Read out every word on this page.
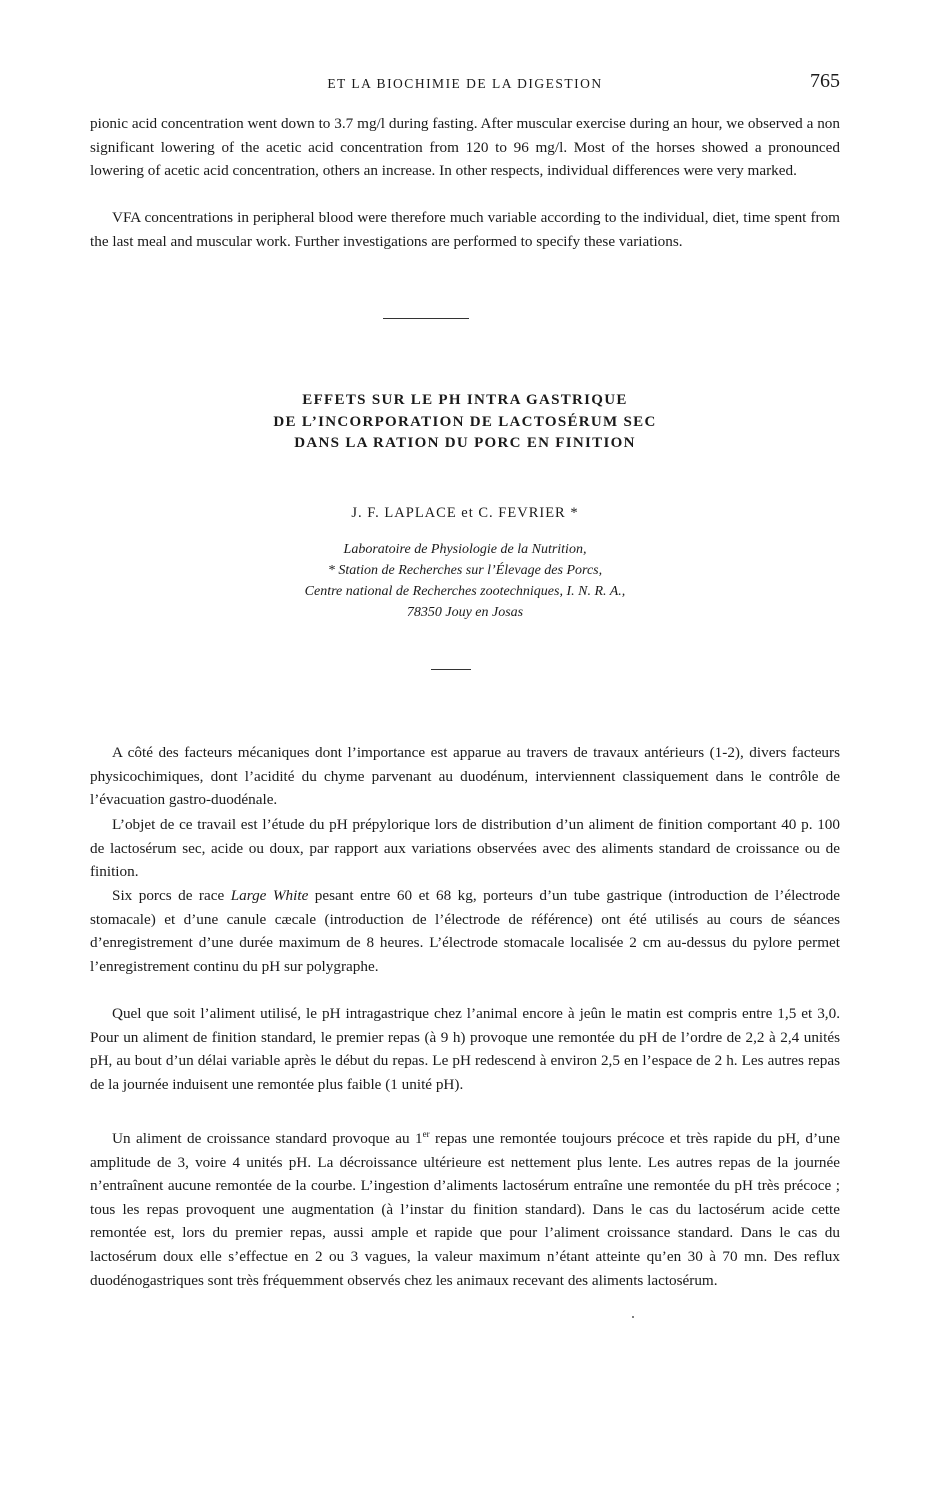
ET LA BIOCHIMIE DE LA DIGESTION	765

pionic acid concentration went down to 3.7 mg/l during fasting. After muscular exercise during an hour, we observed a non significant lowering of the acetic acid concentration from 120 to 96 mg/l. Most of the horses showed a pronounced lowering of acetic acid concentration, others an increase. In other respects, individual differences were very marked.

VFA concentrations in peripheral blood were therefore much variable according to the individual, diet, time spent from the last meal and muscular work. Further investigations are performed to specify these variations.

EFFETS SUR LE PH INTRA GASTRIQUE
DE L’INCORPORATION DE LACTOSÉRUM SEC
DANS LA RATION DU PORC EN FINITION
J. F. LAPLACE et C. FEVRIER *
Laboratoire de Physiologie de la Nutrition,
* Station de Recherches sur l’Élevage des Porcs,
Centre national de Recherches zootechniques, I. N. R. A.,
78350 Jouy en Josas

A côté des facteurs mécaniques dont l’importance est apparue au travers de travaux antérieurs (1-2), divers facteurs physicochimiques, dont l’acidité du chyme parvenant au duodénum, interviennent classiquement dans le contrôle de l’évacuation gastro-duodénale.

L’objet de ce travail est l’étude du pH prépylorique lors de distribution d’un aliment de finition comportant 40 p. 100 de lactosérum sec, acide ou doux, par rapport aux variations observées avec des aliments standard de croissance ou de finition.

Six porcs de race Large White pesant entre 60 et 68 kg, porteurs d’un tube gastrique (introduction de l’électrode stomacale) et d’une canule cæcale (introduction de l’électrode de référence) ont été utilisés au cours de séances d’enregistrement d’une durée maximum de 8 heures. L’électrode stomacale localisée 2 cm au-dessus du pylore permet l’enregistrement continu du pH sur polygraphe.

Quel que soit l’aliment utilisé, le pH intragastrique chez l’animal encore à jeûn le matin est compris entre 1,5 et 3,0. Pour un aliment de finition standard, le premier repas (à 9 h) provoque une remontée du pH de l’ordre de 2,2 à 2,4 unités pH, au bout d’un délai variable après le début du repas. Le pH redescend à environ 2,5 en l’espace de 2 h. Les autres repas de la journée induisent une remontée plus faible (1 unité pH).

Un aliment de croissance standard provoque au 1er repas une remontée toujours précoce et très rapide du pH, d’une amplitude de 3, voire 4 unités pH. La décroissance ultérieure est nettement plus lente. Les autres repas de la journée n’entraînent aucune remontée de la courbe. L’ingestion d’aliments lactosérum entraîne une remontée du pH très précoce ; tous les repas provoquent une augmentation (à l’instar du finition standard). Dans le cas du lactosérum acide cette remontée est, lors du premier repas, aussi ample et rapide que pour l’aliment croissance standard. Dans le cas du lactosérum doux elle s’effectue en 2 ou 3 vagues, la valeur maximum n’étant atteinte qu’en 30 à 70 mn. Des reflux duodénogastriques sont très fréquemment observés chez les animaux recevant des aliments lactosérum.
